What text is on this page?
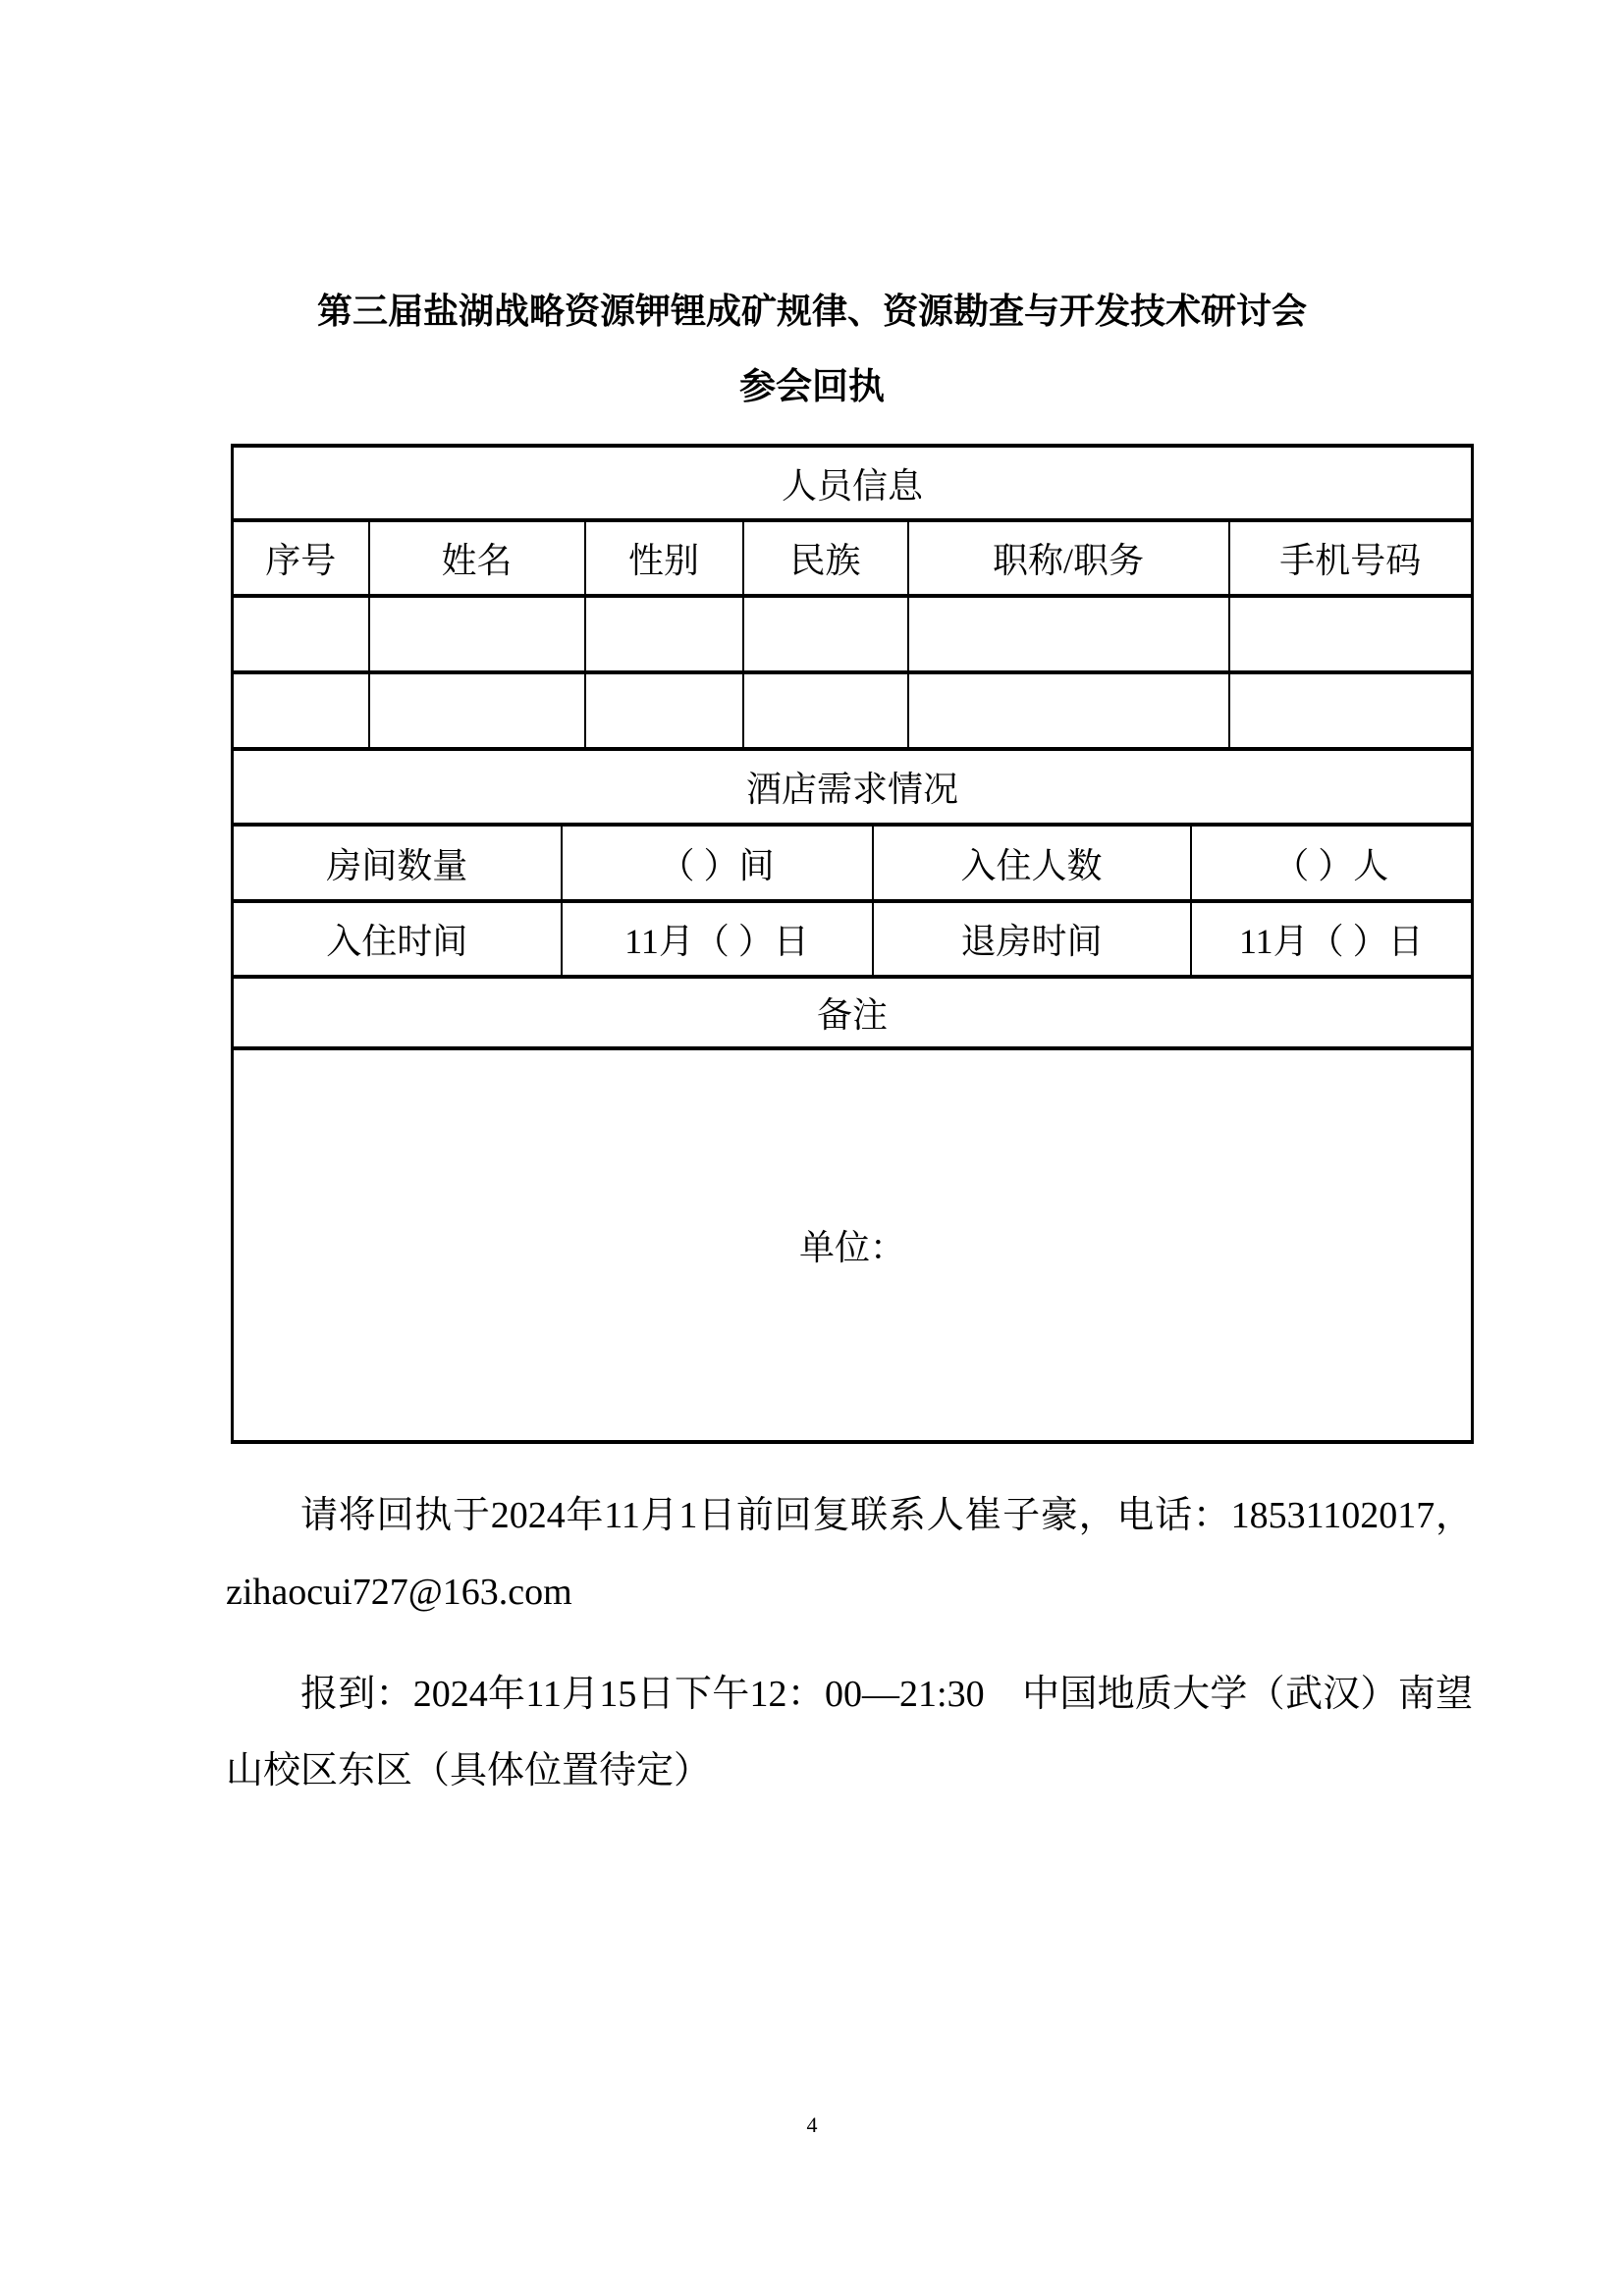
第三届盐湖战略资源钾锂成矿规律、资源勘查与开发技术研讨会
参会回执
人员信息								
序号	姓名		性别	民族		职称/职务		手机号码

酒店需求情况								
房间数量		（ ）间			入住人数		（ ）人	
入住时间		11月（ ）日			退房时间		11月（ ）日	
备注								
单位：								

请将回执于2024年11月1日前回复联系人崔子豪，电话：18531102017，zihaocui727@163.com

报到：2024年11月15日下午12：00—21:30　中国地质大学（武汉）南望山校区东区（具体位置待定）

4
